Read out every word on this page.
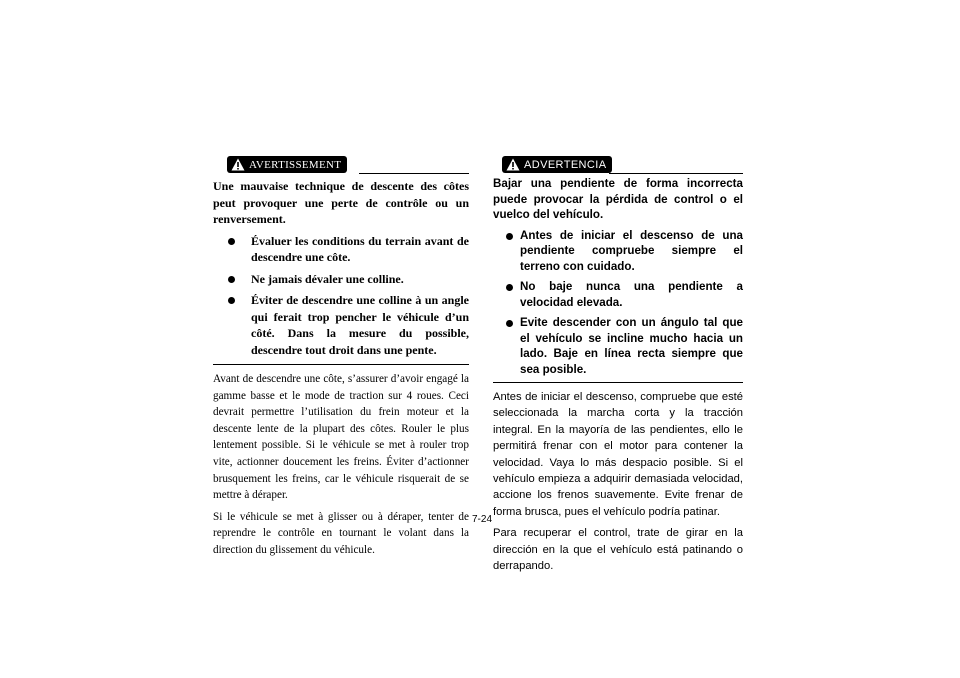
AVERTISSEMENT

Une mauvaise technique de descente des côtes peut provoquer une perte de contrôle ou un renversement.

Évaluer les conditions du terrain avant de descendre une côte.
Ne jamais dévaler une colline.
Éviter de descendre une colline à un angle qui ferait trop pencher le véhicule d’un côté. Dans la mesure du possible, descendre tout droit dans une pente.

Avant de descendre une côte, s’assurer d’avoir engagé la gamme basse et le mode de traction sur 4 roues. Ceci devrait permettre l’utilisation du frein moteur et la descente lente de la plupart des côtes. Rouler le plus lentement possible. Si le véhicule se met à rouler trop vite, actionner doucement les freins. Éviter d’actionner brusquement les freins, car le véhicule risquerait de se mettre à déraper.

Si le véhicule se met à glisser ou à déraper, tenter de reprendre le contrôle en tournant le volant dans la direction du glissement du véhicule.

ADVERTENCIA

Bajar una pendiente de forma incorrecta puede provocar la pérdida de control o el vuelco del vehículo.

Antes de iniciar el descenso de una pendiente compruebe siempre el terreno con cuidado.
No baje nunca una pendiente a velocidad elevada.
Evite descender con un ángulo tal que el vehículo se incline mucho hacia un lado. Baje en línea recta siempre que sea posible.

Antes de iniciar el descenso, compruebe que esté seleccionada la marcha corta y la tracción integral. En la mayoría de las pendientes, ello le permitirá frenar con el motor para contener la velocidad. Vaya lo más despacio posible. Si el vehículo empieza a adquirir demasiada velocidad, accione los frenos suavemente. Evite frenar de forma brusca, pues el vehículo podría patinar.

Para recuperar el control, trate de girar en la dirección en la que el vehículo está patinando o derrapando.

7-24
